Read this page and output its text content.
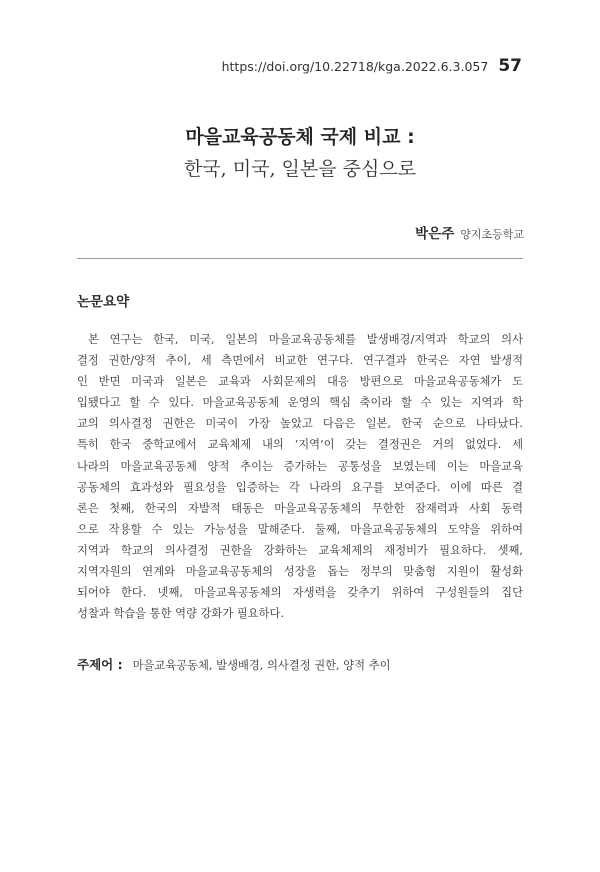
https://doi.org/10.22718/kga.2022.6.3.057 57
마을교육공동체 국제 비교 :
한국, 미국, 일본을 중심으로
박은주 양지초등학교
논문요약
본 연구는 한국, 미국, 일본의 마을교육공동체를 발생배경/지역과 학교의 의사
결정 권한/양적 추이, 세 측면에서 비교한 연구다. 연구결과 한국은 자연 발생적
인 반면 미국과 일본은 교육과 사회문제의 대응 방편으로 마을교육공동체가 도
입됐다고 할 수 있다. 마을교육공동체 운영의 핵심 축이라 할 수 있는 지역과 학
교의 의사결정 권한은 미국이 가장 높았고 다음은 일본, 한국 순으로 나타났다.
특히 한국 중학교에서 교육체제 내의 ‘지역’이 갖는 결정권은 거의 없었다. 세
나라의 마을교육공동체 양적 추이는 증가하는 공통성을 보였는데 이는 마을교육
공동체의 효과성와 필요성을 입증하는 각 나라의 요구를 보여준다. 이에 따른 결
론은 첫째, 한국의 자발적 태동은 마을교육공동체의 무한한 잠재력과 사회 동력
으로 작용할 수 있는 가능성을 말해준다. 둘째, 마을교육공동체의 도약을 위하여
지역과 학교의 의사결정 권한을 강화하는 교육체제의 재정비가 필요하다. 셋째,
지역자원의 연계와 마을교육공동체의 성장을 돕는 정부의 맞춤형 지원이 활성화
되어야 한다. 넷째, 마을교육공동체의 자생력을 갖추기 위하여 구성원들의 집단
성찰과 학습을 통한 역량 강화가 필요하다.
주제어 : 마을교육공동체, 발생배경, 의사결정 권한, 양적 추이
